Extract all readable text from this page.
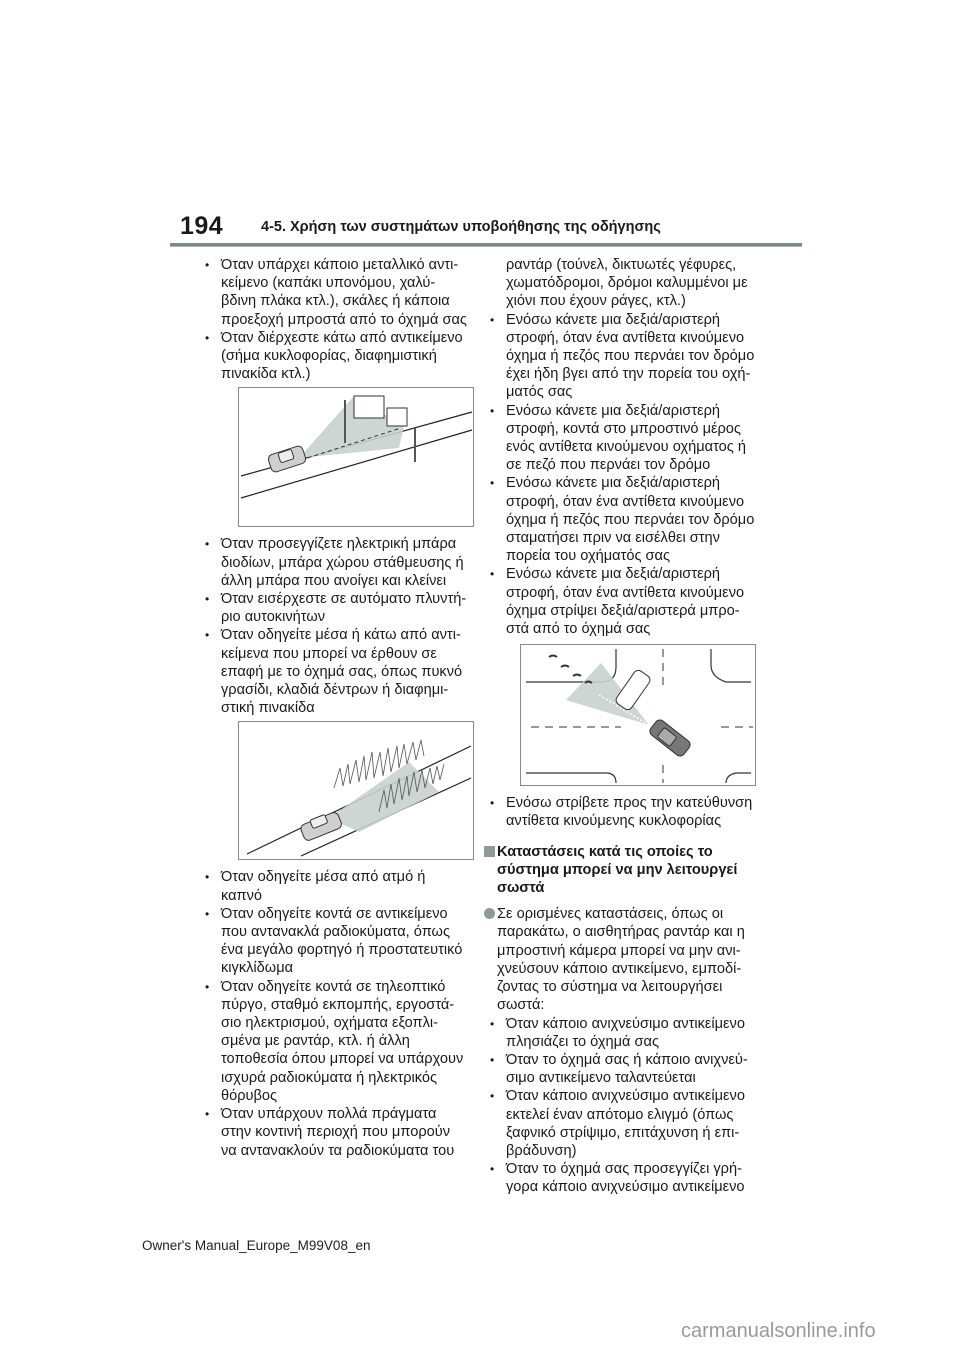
194	4-5. Χρήση των συστημάτων υποβοήθησης της οδήγησης
• Όταν υπάρχει κάποιο μεταλλικό αντι-
κείμενο (καπάκι υπονόμου, χαλύ-
βδινη πλάκα κτλ.), σκάλες ή κάποια
προεξοχή μπροστά από το όχημά σας
• Όταν διέρχεστε κάτω από αντικείμενο
(σήμα κυκλοφορίας, διαφημιστική
πινακίδα κτλ.)
• Όταν προσεγγίζετε ηλεκτρική μπάρα
διοδίων, μπάρα χώρου στάθμευσης ή
άλλη μπάρα που ανοίγει και κλείνει
• Όταν εισέρχεστε σε αυτόματο πλυντή-
ριο αυτοκινήτων
• Όταν οδηγείτε μέσα ή κάτω από αντι-
κείμενα που μπορεί να έρθουν σε
επαφή με το όχημά σας, όπως πυκνό
γρασίδι, κλαδιά δέντρων ή διαφημι-
στική πινακίδα
• Όταν οδηγείτε μέσα από ατμό ή
καπνό
• Όταν οδηγείτε κοντά σε αντικείμενο
που αντανακλά ραδιοκύματα, όπως
ένα μεγάλο φορτηγό ή προστατευτικό
κιγκλίδωμα
• Όταν οδηγείτε κοντά σε τηλεοπτικό
πύργο, σταθμό εκπομπής, εργοστά-
σιο ηλεκτρισμού, οχήματα εξοπλι-
σμένα με ραντάρ, κτλ. ή άλλη
τοποθεσία όπου μπορεί να υπάρχουν
ισχυρά ραδιοκύματα ή ηλεκτρικός
θόρυβος
• Όταν υπάρχουν πολλά πράγματα
στην κοντινή περιοχή που μπορούν
να αντανακλούν τα ραδιοκύματα του
ραντάρ (τούνελ, δικτυωτές γέφυρες,
χωματόδρομοι, δρόμοι καλυμμένοι με
χιόνι που έχουν ράγες, κτλ.)
• Ενόσω κάνετε μια δεξιά/αριστερή
στροφή, όταν ένα αντίθετα κινούμενο
όχημα ή πεζός που περνάει τον δρόμο
έχει ήδη βγει από την πορεία του οχή-
ματός σας
• Ενόσω κάνετε μια δεξιά/αριστερή
στροφή, κοντά στο μπροστινό μέρος
ενός αντίθετα κινούμενου οχήματος ή
σε πεζό που περνάει τον δρόμο
• Ενόσω κάνετε μια δεξιά/αριστερή
στροφή, όταν ένα αντίθετα κινούμενο
όχημα ή πεζός που περνάει τον δρόμο
σταματήσει πριν να εισέλθει στην
πορεία του οχήματός σας
• Ενόσω κάνετε μια δεξιά/αριστερή
στροφή, όταν ένα αντίθετα κινούμενο
όχημα στρίψει δεξιά/αριστερά μπρο-
στά από το όχημά σας
• Ενόσω στρίβετε προς την κατεύθυνση
αντίθετα κινούμενης κυκλοφορίας
Καταστάσεις κατά τις οποίες το
σύστημα μπορεί να μην λειτουργεί
σωστά
Σε ορισμένες καταστάσεις, όπως οι
παρακάτω, ο αισθητήρας ραντάρ και η
μπροστινή κάμερα μπορεί να μην ανι-
χνεύσουν κάποιο αντικείμενο, εμποδί-
ζοντας το σύστημα να λειτουργήσει
σωστά:
• Όταν κάποιο ανιχνεύσιμο αντικείμενο
πλησιάζει το όχημά σας
• Όταν το όχημά σας ή κάποιο ανιχνεύ-
σιμο αντικείμενο ταλαντεύεται
• Όταν κάποιο ανιχνεύσιμο αντικείμενο
εκτελεί έναν απότομο ελιγμό (όπως
ξαφνικό στρίψιμο, επιτάχυνση ή επι-
βράδυνση)
• Όταν το όχημά σας προσεγγίζει γρή-
γορα κάποιο ανιχνεύσιμο αντικείμενο
Owner's Manual_Europe_M99V08_en
carmanualsonline.info
